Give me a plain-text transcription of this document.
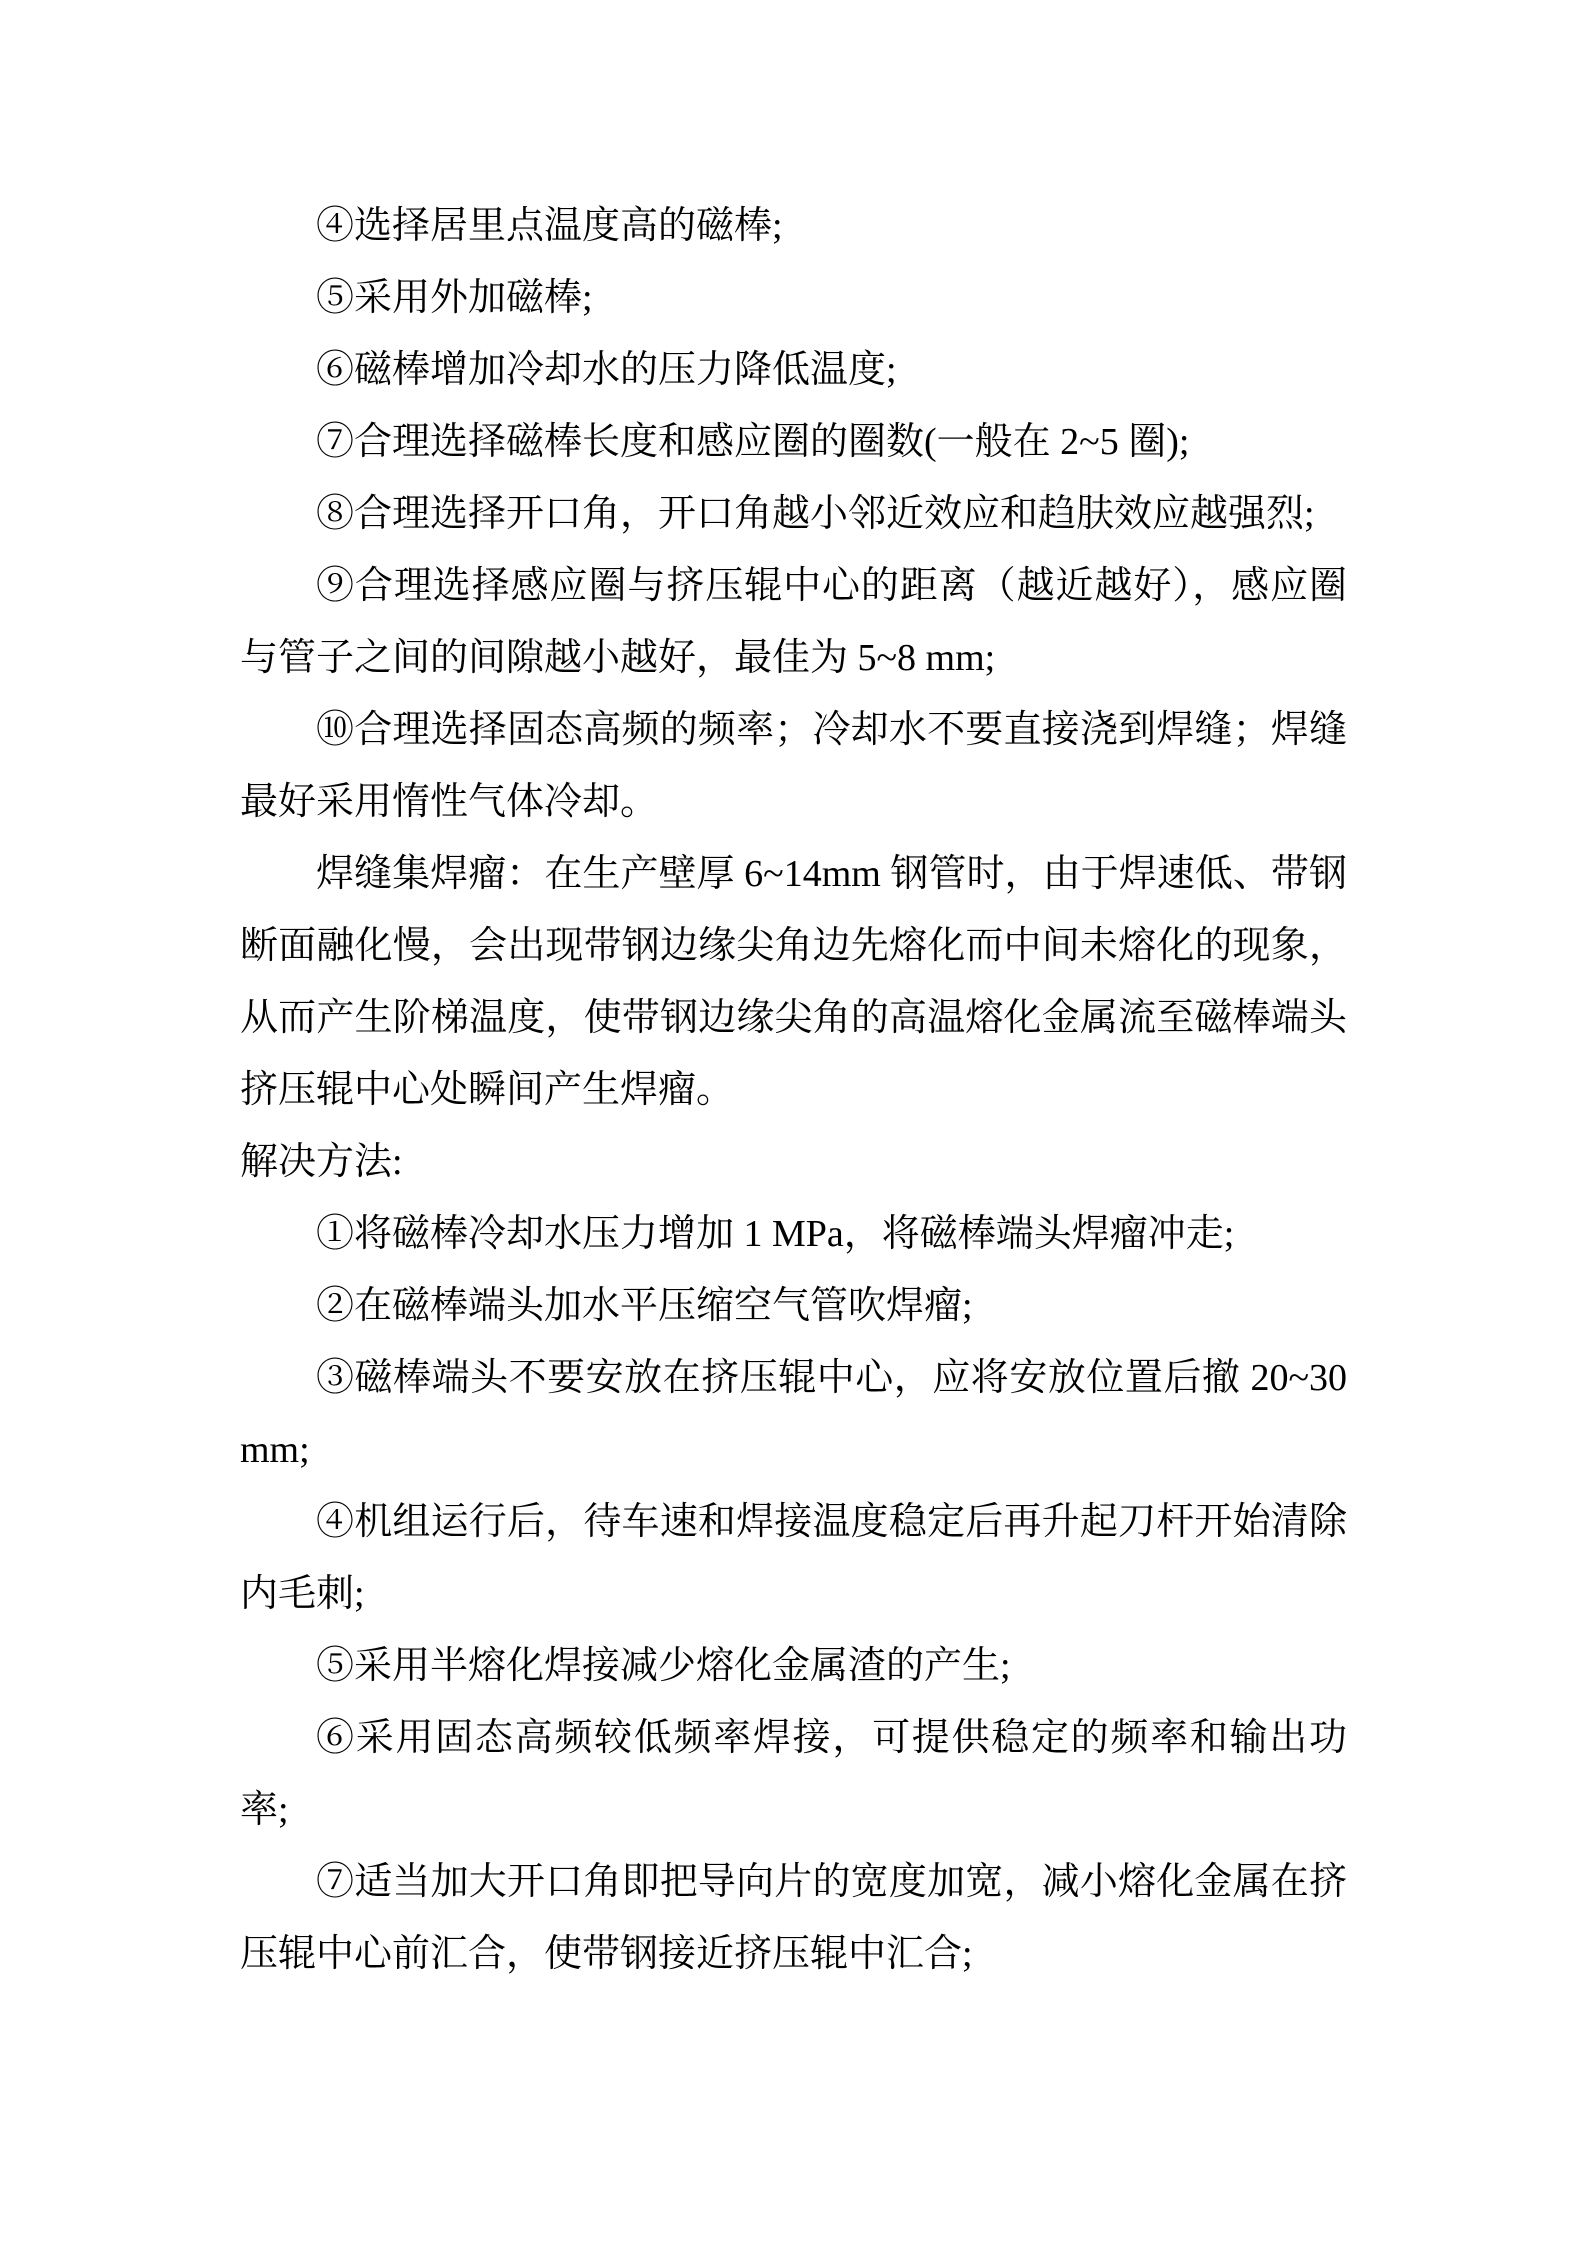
④选择居里点温度高的磁棒;

⑤采用外加磁棒;

⑥磁棒增加冷却水的压力降低温度;

⑦合理选择磁棒长度和感应圈的圈数(一般在 2~5 圈);

⑧合理选择开口角，开口角越小邻近效应和趋肤效应越强烈;

⑨合理选择感应圈与挤压辊中心的距离（越近越好），感应圈
与管子之间的间隙越小越好，最佳为 5~8 mm;

⑩合理选择固态高频的频率；冷却水不要直接浇到焊缝；焊缝
最好采用惰性气体冷却。

焊缝集焊瘤：在生产壁厚 6~14mm 钢管时，由于焊速低、带钢
断面融化慢，会出现带钢边缘尖角边先熔化而中间未熔化的现象，
从而产生阶梯温度，使带钢边缘尖角的高温熔化金属流至磁棒端头
挤压辊中心处瞬间产生焊瘤。

解决方法:

①将磁棒冷却水压力增加 1 MPa，将磁棒端头焊瘤冲走;

②在磁棒端头加水平压缩空气管吹焊瘤;

③磁棒端头不要安放在挤压辊中心，应将安放位置后撤 20~30
mm;

④机组运行后，待车速和焊接温度稳定后再升起刀杆开始清除
内毛刺;

⑤采用半熔化焊接减少熔化金属渣的产生;

⑥采用固态高频较低频率焊接，可提供稳定的频率和输出功
率;

⑦适当加大开口角即把导向片的宽度加宽，减小熔化金属在挤
压辊中心前汇合，使带钢接近挤压辊中汇合;
